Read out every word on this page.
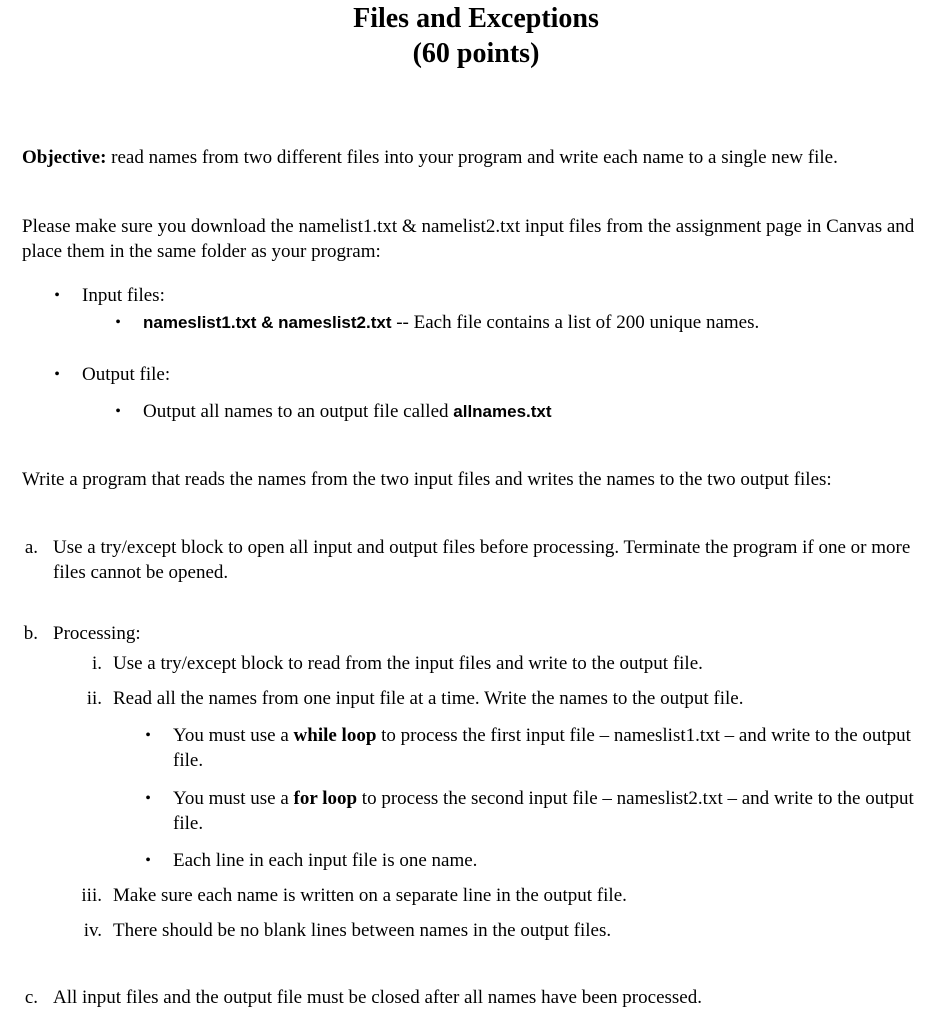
Files and Exceptions
(60 points)
Objective: read names from two different files into your program and write each name to a single new file.
Please make sure you download the namelist1.txt & namelist2.txt input files from the assignment page in Canvas and place them in the same folder as your program:
• Input files:
• nameslist1.txt & nameslist2.txt -- Each file contains a list of 200 unique names.
• Output file:
• Output all names to an output file called allnames.txt
Write a program that reads the names from the two input files and writes the names to the two output files:
a. Use a try/except block to open all input and output files before processing. Terminate the program if one or more files cannot be opened.
b. Processing:
i. Use a try/except block to read from the input files and write to the output file.
ii. Read all the names from one input file at a time. Write the names to the output file.
• You must use a while loop to process the first input file – nameslist1.txt – and write to the output file.
• You must use a for loop to process the second input file – nameslist2.txt – and write to the output file.
• Each line in each input file is one name.
iii. Make sure each name is written on a separate line in the output file.
iv. There should be no blank lines between names in the output files.
c. All input files and the output file must be closed after all names have been processed.
